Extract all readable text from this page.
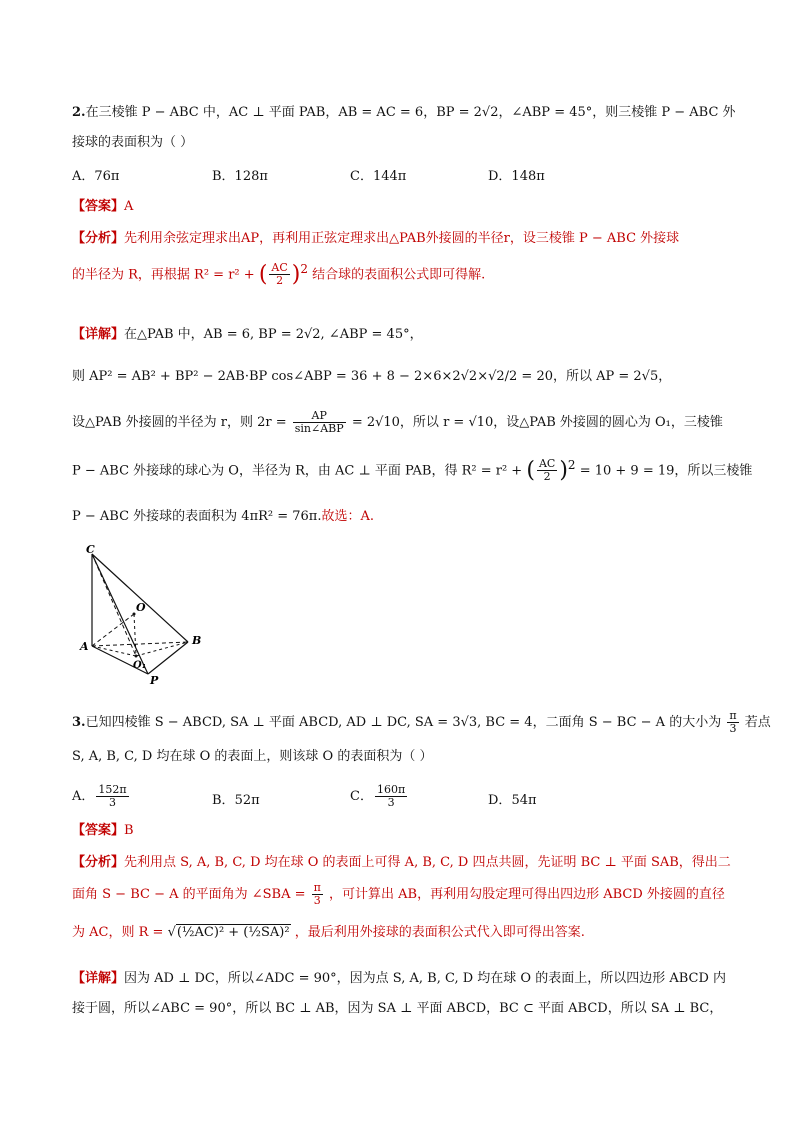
2.在三棱锥 P − ABC 中，AC ⊥ 平面 PAB，AB = AC = 6，BP = 2√2，∠ABP = 45°，则三棱锥 P − ABC 外
接球的表面积为（ ）
A．76π	B．128π	C．144π	D．148π
【答案】A
【分析】先利用余弦定理求出AP，再利用正弦定理求出△PAB外接圆的半径r，设三棱锥 P − ABC 外接球
的半径为 R，再根据 R² = r² + ( $\frac{AC}{2} )^2$ 结合球的表面积公式即可得解.
【详解】在△PAB 中，AB = 6, BP = 2√2, ∠ABP = 45°，
则 AP² = AB² + BP² − 2AB·BP cos∠ABP = 36 + 8 − 2×6×2√2×√2/2 = 20，所以 AP = 2√5，
设△PAB 外接圆的半径为 r，则 $2r = \frac{AP}{\text{sin∠ABP}} = 2√10$，所以 r = √10，设△PAB 外接圆的圆心为 O₁，三棱锥
P − ABC 外接球的球心为 O，半径为 R，由 AC ⊥ 平面 PAB，得 R² = r² + ( $\frac{AC}{2} )^2 = 10 + 9 = 19$，所以三棱锥
P − ABC 外接球的表面积为 4πR² = 76π.故选：A.
C
O
A	B
O₁
P
3.已知四棱锥 S − ABCD, SA ⊥ 平面 ABCD, AD ⊥ DC, SA = 3√3, BC = 4，二面角 S − BC − A 的大小为 $\frac{\pi}{3}$ 若点
S, A, B, C, D 均在球 O 的表面上，则该球 O 的表面积为（ ）
A． $\frac{152\pi}{3}$	B．52π	C． $\frac{160\pi}{3}$	D．54π
【答案】B
【分析】先利用点 S, A, B, C, D 均在球 O 的表面上可得 A, B, C, D 四点共圆，先证明 BC ⊥ 平面 SAB，得出二
面角 S − BC − A 的平面角为 ∠SBA = $\frac{\pi}{3}$ ，可计算出 AB，再利用勾股定理可得出四边形 ABCD 外接圆的直径
为 AC，则 R = √(½AC)² + (½SA)² ，最后利用外接球的表面积公式代入即可得出答案.
【详解】因为 AD ⊥ DC，所以∠ADC = 90°，因为点 S, A, B, C, D 均在球 O 的表面上，所以四边形 ABCD 内
接于圆，所以∠ABC = 90°，所以 BC ⊥ AB，因为 SA ⊥ 平面 ABCD，BC ⊂ 平面 ABCD，所以 SA ⊥ BC，
